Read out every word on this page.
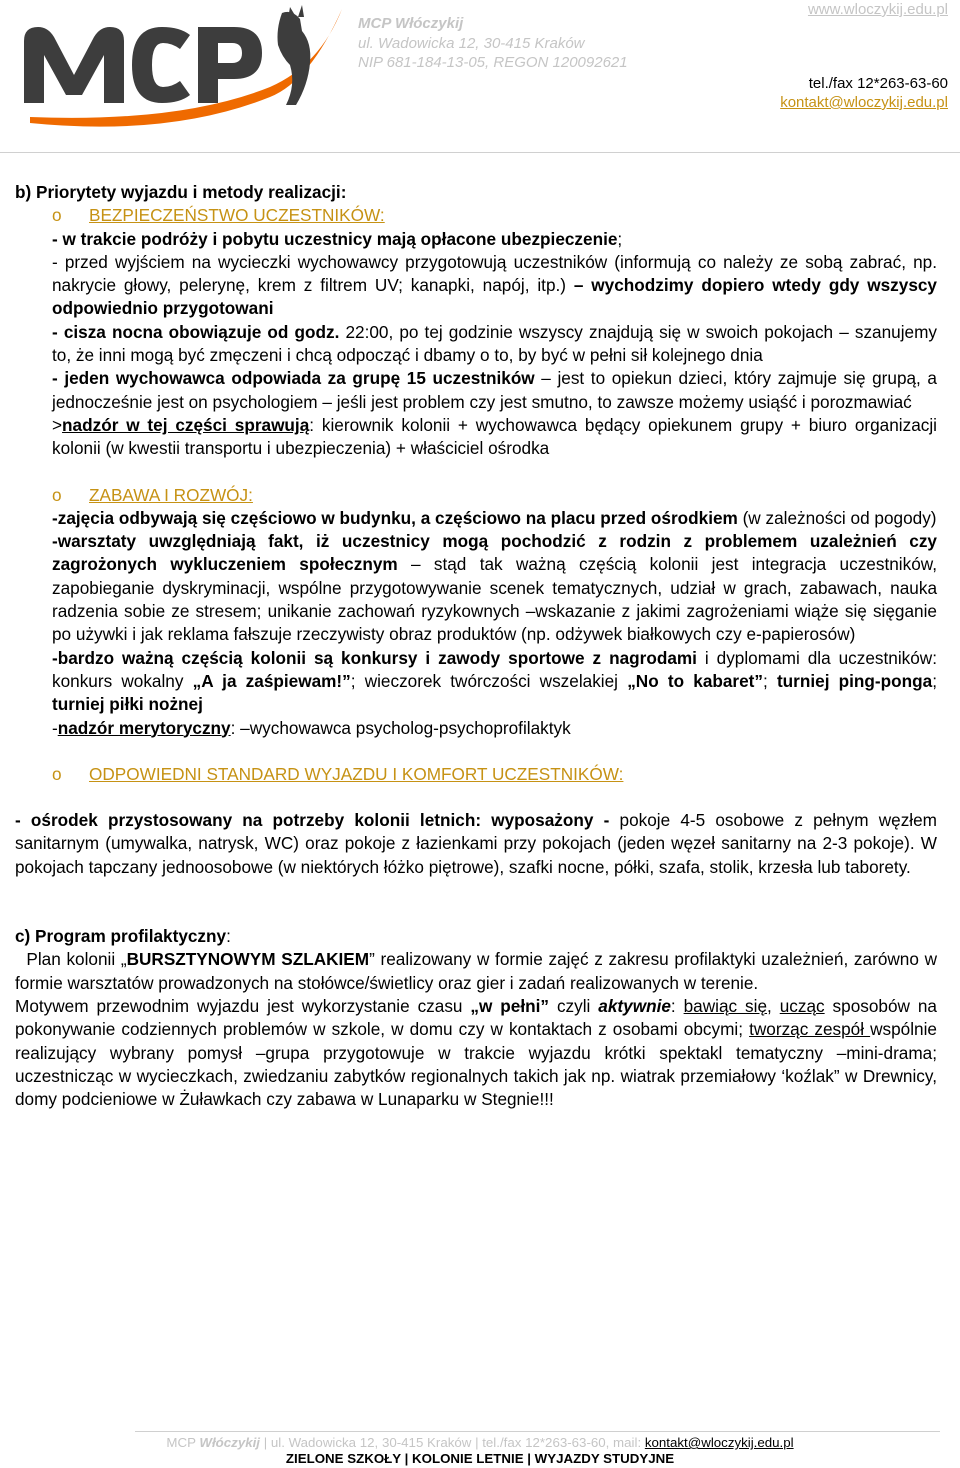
MCP Włóczykij
ul. Wadowicka 12, 30-415 Kraków
NIP 681-184-13-05, REGON 120092621
www.wloczykij.edu.pl
tel./fax 12*263-63-60
kontakt@wloczykij.edu.pl

b) Priorytety wyjazdu i metody realizacji:

o BEZPIECZEŃSTWO UCZESTNIKÓW:

- w trakcie podróży i pobytu uczestnicy mają opłacone ubezpieczenie;

- przed wyjściem na wycieczki wychowawcy przygotowują uczestników (informują co należy ze sobą zabrać, np. nakrycie głowy, pelerynę, krem z filtrem UV; kanapki, napój, itp.) – wychodzimy dopiero wtedy gdy wszyscy odpowiednio przygotowani

- cisza nocna obowiązuje od godz. 22:00, po tej godzinie wszyscy znajdują się w swoich pokojach – szanujemy to, że inni mogą być zmęczeni i chcą odpocząć i dbamy o to, by być w pełni sił kolejnego dnia

- jeden wychowawca odpowiada za grupę 15 uczestników – jest to opiekun dzieci, który zajmuje się grupą, a jednocześnie jest on psychologiem – jeśli jest problem czy jest smutno, to zawsze możemy usiąść i porozmawiać

>nadzór w tej części sprawują: kierownik kolonii + wychowawca będący opiekunem grupy + biuro organizacji kolonii (w kwestii transportu i ubezpieczenia) + właściciel ośrodka

o ZABAWA I ROZWÓJ:

-zajęcia odbywają się częściowo w budynku, a częściowo na placu przed ośrodkiem (w zależności od pogody)

-warsztaty uwzględniają fakt, iż uczestnicy mogą pochodzić z rodzin z problemem uzależnień czy zagrożonych wykluczeniem społecznym – stąd tak ważną częścią kolonii jest integracja uczestników, zapobieganie dyskryminacji, wspólne przygotowywanie scenek tematycznych, udział w grach, zabawach, nauka radzenia sobie ze stresem; unikanie zachowań ryzykownych –wskazanie z jakimi zagrożeniami wiąże się sięganie po używki i jak reklama fałszuje rzeczywisty obraz produktów (np. odżywek białkowych czy e-papierosów)

-bardzo ważną częścią kolonii są konkursy i zawody sportowe z nagrodami i dyplomami dla uczestników: konkurs wokalny „A ja zaśpiewam!”; wieczorek twórczości wszelakiej „No to kabaret”; turniej ping-ponga; turniej piłki nożnej

-nadzór merytoryczny: –wychowawca psycholog-psychoprofilaktyk

o ODPOWIEDNI STANDARD WYJAZDU I KOMFORT UCZESTNIKÓW:

- ośrodek przystosowany na potrzeby kolonii letnich: wyposażony - pokoje 4-5 osobowe z pełnym węzłem sanitarnym (umywalka, natrysk, WC) oraz pokoje z łazienkami przy pokojach (jeden węzeł sanitarny na 2-3 pokoje). W pokojach tapczany jednoosobowe (w niektórych łóżko piętrowe), szafki nocne, półki, szafa, stolik, krzesła lub taborety.

c) Program profilaktyczny:

Plan kolonii „BURSZTYNOWYM SZLAKIEM” realizowany w formie zajęć z zakresu profilaktyki uzależnień, zarówno w formie warsztatów prowadzonych na stołówce/świetlicy oraz gier i zadań realizowanych w terenie.

Motywem przewodnim wyjazdu jest wykorzystanie czasu „w pełni” czyli aktywnie: bawiąc się, ucząc sposobów na pokonywanie codziennych problemów w szkole, w domu czy w kontaktach z osobami obcymi; tworząc zespół wspólnie realizujący wybrany pomysł –grupa przygotowuje w trakcie wyjazdu krótki spektakl tematyczny –mini-drama; uczestnicząc w wycieczkach, zwiedzaniu zabytków regionalnych takich jak np. wiatrak przemiałowy ‘koźlak” w Drewnicy, domy podcieniowe w Żuławkach czy zabawa w Lunaparku w Stegnie!!!

MCP Włóczykij | ul. Wadowicka 12, 30-415 Kraków | tel./fax 12*263-63-60, mail: kontakt@wloczykij.edu.pl
ZIELONE SZKOŁY | KOLONIE LETNIE | WYJAZDY STUDYJNE
